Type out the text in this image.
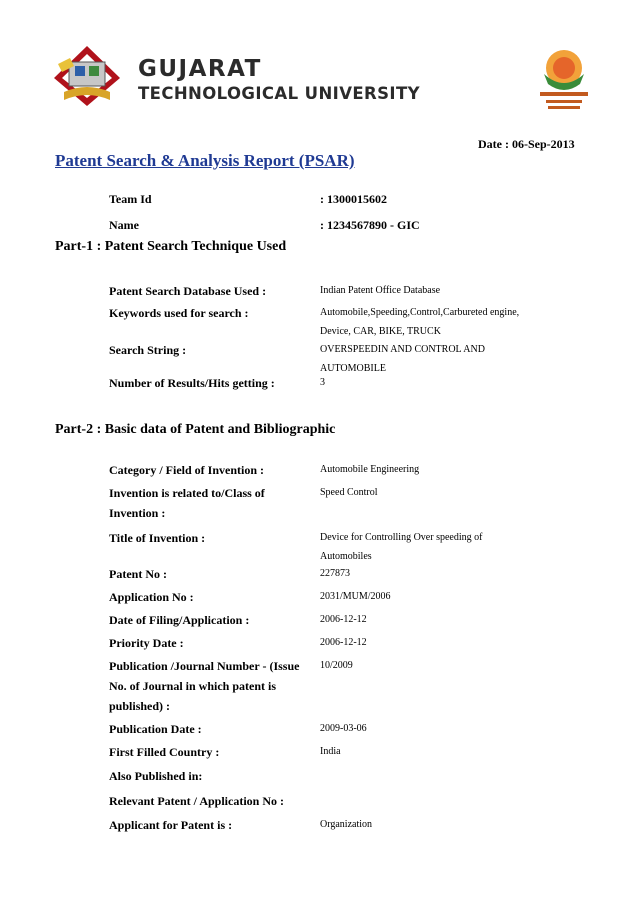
GUJARAT
TECHNOLOGICAL UNIVERSITY
Date : 06-Sep-2013
Patent Search & Analysis Report (PSAR)
Team Id	: 1300015602
Name	: 1234567890 - GIC
Part-1 : Patent Search Technique Used
Patent Search Database Used :	Indian Patent Office Database
Keywords used for search :	Automobile,Speeding,Control,Carbureted engine, Device, CAR, BIKE, TRUCK
Search String :	OVERSPEEDIN AND CONTROL AND AUTOMOBILE
Number of Results/Hits getting :	3
Part-2 : Basic data of Patent and Bibliographic
Category / Field of Invention :	Automobile Engineering
Invention is related to/Class of Invention :
Speed Control
Title of Invention :	Device for Controlling Over speeding of Automobiles
Patent No :	227873
Application No :	2031/MUM/2006
Date of Filing/Application :	2006-12-12
Priority Date :	2006-12-12
Publication /Journal Number - (Issue No. of Journal in which patent is published) :
10/2009
Publication Date :	2009-03-06
First Filled Country :	India
Also Published in:
Relevant Patent / Application No :
Applicant for Patent is :	Organization
